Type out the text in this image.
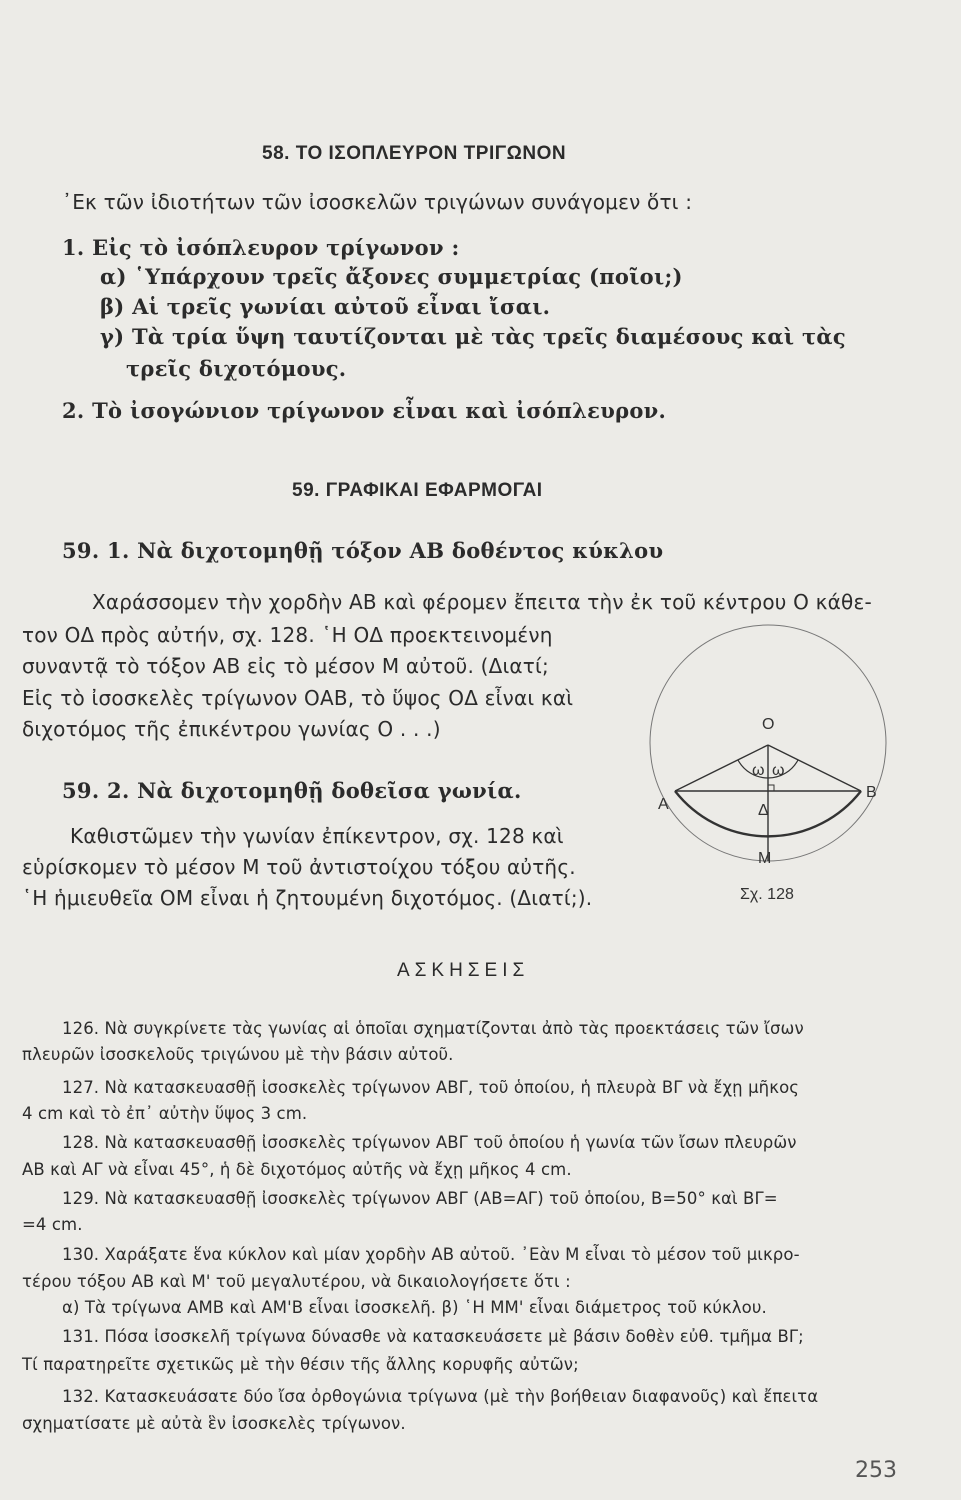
58. ΤΟ ΙΣΟΠΛΕΥΡΟΝ ΤΡΙΓΩΝΟΝ

᾿Εκ τῶν ἰδιοτήτων τῶν ἰσοσκελῶν τριγώνων συνάγομεν ὅτι :

1. Εἰς τὸ ἰσόπλευρον τρίγωνον :

α) ῾Υπάρχουν τρεῖς ἄξονες συμμετρίας (ποῖοι;)

β) Αἱ τρεῖς γωνίαι αὐτοῦ εἶναι ἴσαι.

γ) Τὰ τρία ὕψη ταυτίζονται μὲ τὰς τρεῖς διαμέσους καὶ τὰς

τρεῖς διχοτόμους.

2. Τὸ ἰσογώνιον τρίγωνον εἶναι καὶ ἰσόπλευρον.

59. ΓΡΑΦΙΚΑΙ ΕΦΑΡΜΟΓΑΙ

59. 1. Νὰ διχοτομηθῇ τόξον ΑΒ δοθέντος κύκλου

Χαράσσομεν τὴν χορδὴν ΑΒ καὶ φέρομεν ἔπειτα τὴν ἐκ τοῦ κέντρου Ο κάθε-

τον ΟΔ πρὸς αὐτήν, σχ. 128. ῾Η ΟΔ προεκτεινομένη

συναντᾷ τὸ τόξον ΑΒ εἰς τὸ μέσον Μ αὐτοῦ. (Διατί;

Εἰς τὸ ἰσοσκελὲς τρίγωνον ΟΑΒ, τὸ ὕψος ΟΔ εἶναι καὶ

διχοτόμος τῆς ἐπικέντρου γωνίας Ο . . .)

59. 2. Νὰ διχοτομηθῇ δοθεῖσα γωνία.

Καθιστῶμεν τὴν γωνίαν ἐπίκεντρον, σχ. 128 καὶ

εὑρίσκομεν τὸ μέσον Μ τοῦ ἀντιστοίχου τόξου αὐτῆς.

῾Η ἡμιευθεῖα ΟΜ εἶναι ἡ ζητουμένη διχοτόμος. (Διατί;).

O
A
B
Δ
M
ω ω
Σχ. 128

ΑΣΚΗΣΕΙΣ

126. Νὰ συγκρίνετε τὰς γωνίας αἱ ὁποῖαι σχηματίζονται ἀπὸ τὰς προεκτάσεις τῶν ἴσων

πλευρῶν ἰσοσκελοῦς τριγώνου μὲ τὴν βάσιν αὐτοῦ.

127. Νὰ κατασκευασθῇ ἰσοσκελὲς τρίγωνον ΑΒΓ, τοῦ ὁποίου, ἡ πλευρὰ ΒΓ νὰ ἔχῃ μῆκος

4 cm καὶ τὸ ἐπ᾿ αὐτὴν ὕψος 3 cm.

128. Νὰ κατασκευασθῇ ἰσοσκελὲς τρίγωνον ΑΒΓ τοῦ ὁποίου ἡ γωνία τῶν ἴσων πλευρῶν

ΑΒ καὶ ΑΓ νὰ εἶναι 45°, ἡ δὲ διχοτόμος αὐτῆς νὰ ἔχῃ μῆκος 4 cm.

129. Νὰ κατασκευασθῇ ἰσοσκελὲς τρίγωνον ΑΒΓ (ΑΒ=ΑΓ) τοῦ ὁποίου, Β=50° καὶ ΒΓ=

=4 cm.

130. Χαράξατε ἕνα κύκλον καὶ μίαν χορδὴν ΑΒ αὐτοῦ. ᾿Εὰν Μ εἶναι τὸ μέσον τοῦ μικρο-

τέρου τόξου ΑΒ καὶ Μ' τοῦ μεγαλυτέρου, νὰ δικαιολογήσετε ὅτι :

α) Τὰ τρίγωνα ΑΜΒ καὶ ΑΜ'Β εἶναι ἰσοσκελῆ. β) ῾Η ΜΜ' εἶναι διάμετρος τοῦ κύκλου.

131. Πόσα ἰσοσκελῆ τρίγωνα δύνασθε νὰ κατασκευάσετε μὲ βάσιν δοθὲν εὐθ. τμῆμα ΒΓ;

Τί παρατηρεῖτε σχετικῶς μὲ τὴν θέσιν τῆς ἄλλης κορυφῆς αὐτῶν;

132. Κατασκευάσατε δύο ἴσα ὀρθογώνια τρίγωνα (μὲ τὴν βοήθειαν διαφανοῦς) καὶ ἔπειτα

σχηματίσατε μὲ αὐτὰ ἓν ἰσοσκελὲς τρίγωνον.

253
